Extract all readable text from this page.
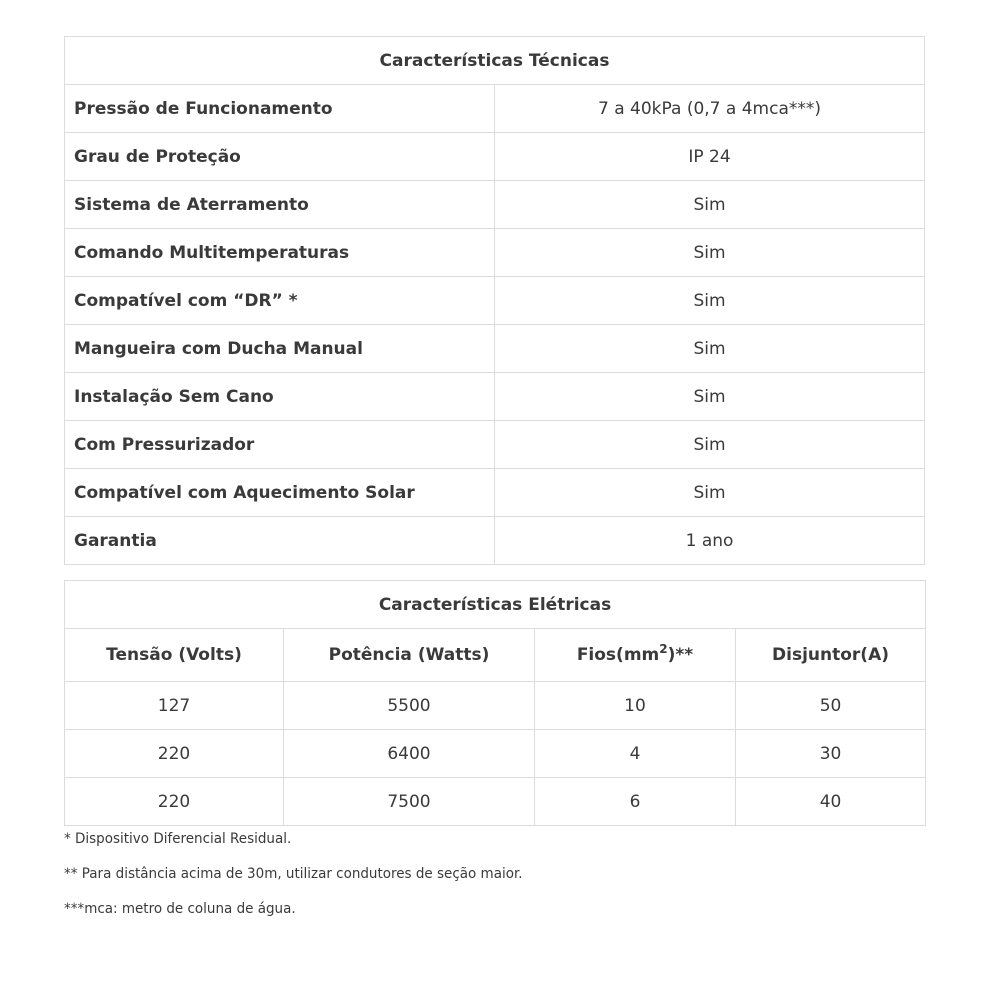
Características Técnicas	
Pressão de Funcionamento	7 a 40kPa (0,7 a 4mca***)
Grau de Proteção	IP 24
Sistema de Aterramento	Sim
Comando Multitemperaturas	Sim
Compatível com “DR” *	Sim
Mangueira com Ducha Manual	Sim
Instalação Sem Cano	Sim
Com Pressurizador	Sim
Compatível com Aquecimento Solar	Sim
Garantia	1 ano
Características Elétricas			
Tensão (Volts)	Potência (Watts)	$Fios(mm^2)**$	Disjuntor(A)
127	5500	10	50
220	6400	4	30
220	7500	6	40

* Dispositivo Diferencial Residual.

** Para distância acima de 30m, utilizar condutores de seção maior.

***mca: metro de coluna de água.
